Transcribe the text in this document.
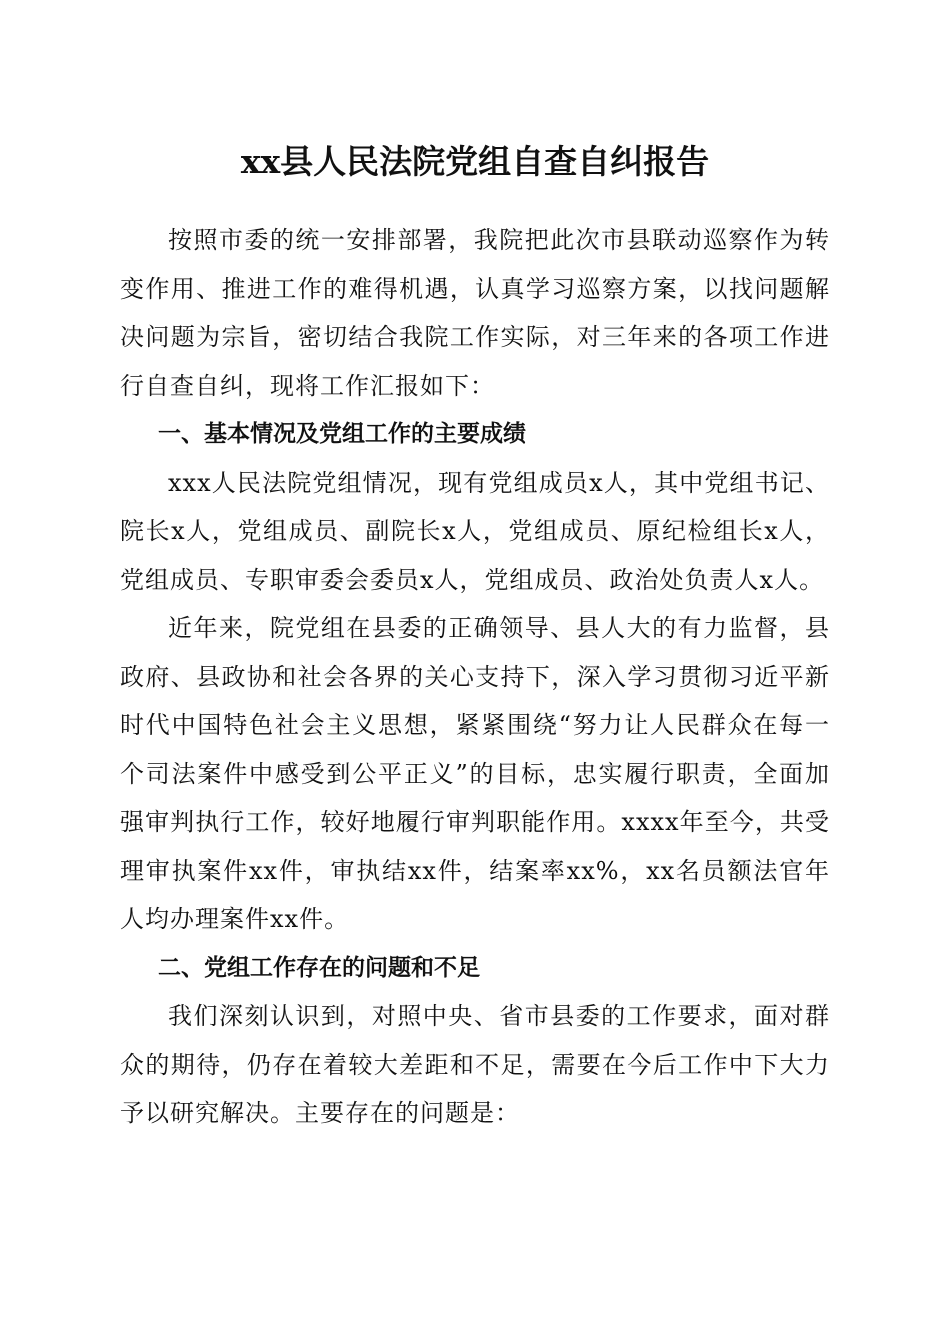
xx县人民法院党组自查自纠报告

按照市委的统一安排部署，我院把此次市县联动巡察作为转变作用、推进工作的难得机遇，认真学习巡察方案，以找问题解决问题为宗旨，密切结合我院工作实际，对三年来的各项工作进行自查自纠，现将工作汇报如下：

一、基本情况及党组工作的主要成绩

xxx人民法院党组情况，现有党组成员x人，其中党组书记、院长x人，党组成员、副院长x人，党组成员、原纪检组长x人，党组成员、专职审委会委员x人，党组成员、政治处负责人x人。

近年来，院党组在县委的正确领导、县人大的有力监督，县政府、县政协和社会各界的关心支持下，深入学习贯彻习近平新时代中国特色社会主义思想，紧紧围绕“努力让人民群众在每一个司法案件中感受到公平正义”的目标，忠实履行职责，全面加强审判执行工作，较好地履行审判职能作用。xxxx年至今，共受理审执案件xx件，审执结xx件，结案率xx%，xx名员额法官年人均办理案件xx件。

二、党组工作存在的问题和不足

我们深刻认识到，对照中央、省市县委的工作要求，面对群众的期待，仍存在着较大差距和不足，需要在今后工作中下大力予以研究解决。主要存在的问题是：
